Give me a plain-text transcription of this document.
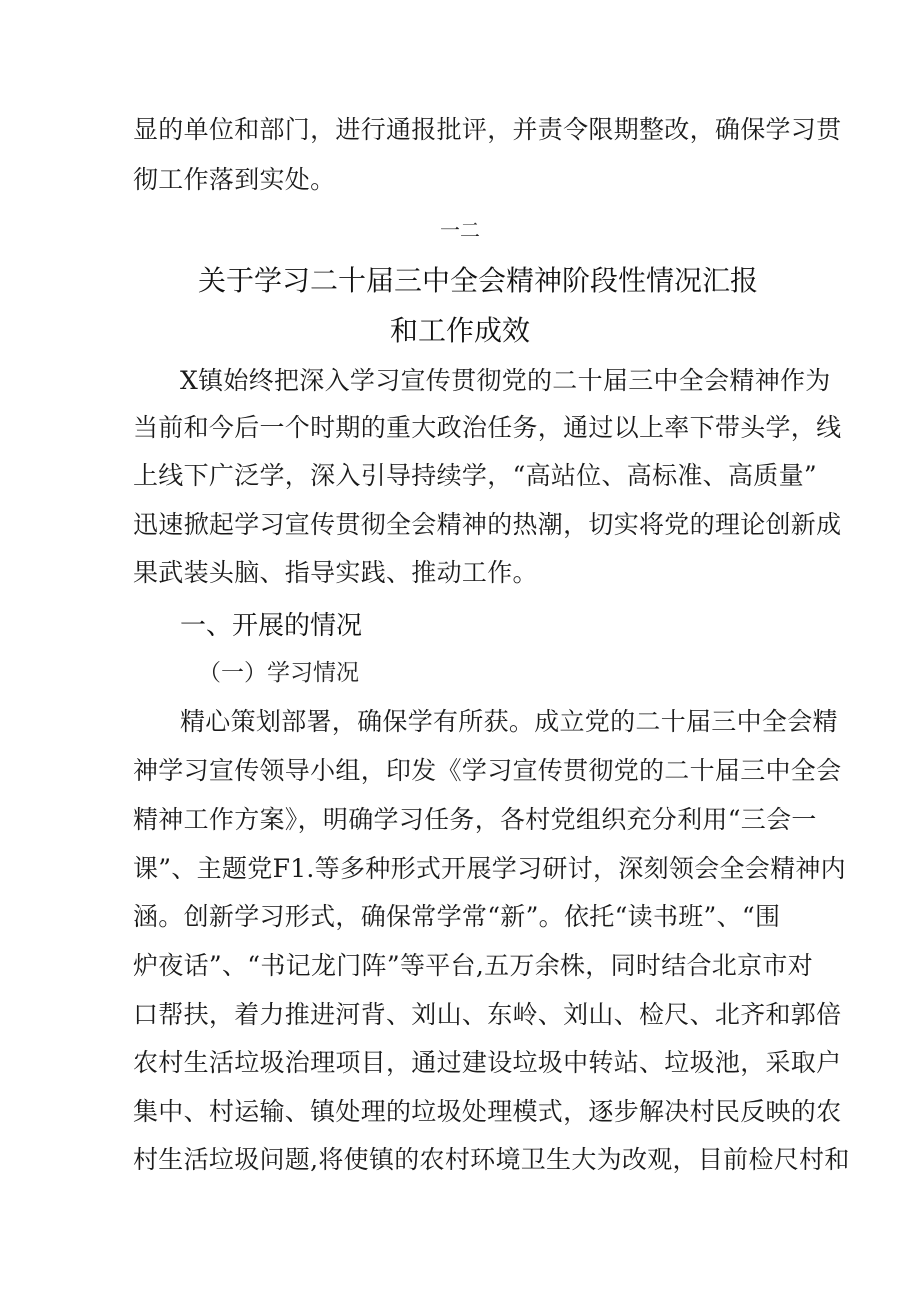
显的单位和部门，进行通报批评，并责令限期整改，确保学习贯
彻工作落到实处。
一二
关于学习二十届三中全会精神阶段性情况汇报
和工作成效
X镇始终把深入学习宣传贯彻党的二十届三中全会精神作为
当前和今后一个时期的重大政治任务，通过以上率下带头学，线
上线下广泛学，深入引导持续学，“高站位、高标准、高质量”
迅速掀起学习宣传贯彻全会精神的热潮，切实将党的理论创新成
果武装头脑、指导实践、推动工作。
一、开展的情况
（一）学习情况
精心策划部署，确保学有所获。成立党的二十届三中全会精
神学习宣传领导小组，印发《学习宣传贯彻党的二十届三中全会
精神工作方案》，明确学习任务，各村党组织充分利用“三会一
课”、主题党F1.等多种形式开展学习研讨，深刻领会全会精神内
涵。创新学习形式，确保常学常“新”。依托“读书班”、“围
炉夜话”、“书记龙门阵”等平台,五万余株，同时结合北京市对
口帮扶，着力推进河背、刘山、东岭、刘山、检尺、北齐和郭倍
农村生活垃圾治理项目，通过建设垃圾中转站、垃圾池，采取户
集中、村运输、镇处理的垃圾处理模式，逐步解决村民反映的农
村生活垃圾问题,将使镇的农村环境卫生大为改观，目前检尺村和
